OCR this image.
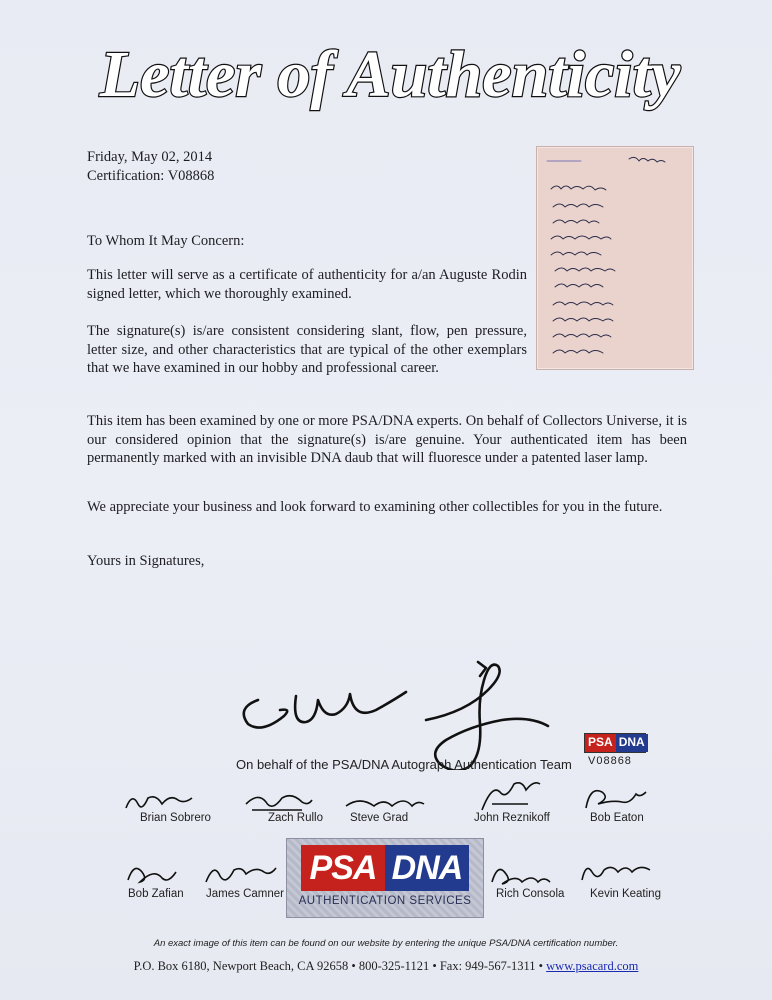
Letter of Authenticity
Friday, May 02, 2014
Certification: V08868
To Whom It May Concern:
This letter will serve as a certificate of authenticity for a/an Auguste Rodin signed letter, which we thoroughly examined.
The signature(s) is/are consistent considering slant, flow, pen pressure, letter size, and other characteristics that are typical of the other exemplars that we have examined in our hobby and professional career.
This item has been examined by one or more PSA/DNA experts. On behalf of Collectors Universe, it is our considered opinion that the signature(s) is/are genuine. Your authenticated item has been permanently marked with an invisible DNA daub that will fluoresce under a patented laser lamp.
We appreciate your business and look forward to examining other collectibles for you in the future.
Yours in Signatures,
On behalf of the PSA/DNA Autograph Authentication Team
PSA DNA
V08868
Brian Sobrero	Zach Rullo Steve Grad	John Reznikoff	Bob Eaton
Bob Zafian James Camner	Rich Consola Kevin Keating
PSA DNA
AUTHENTICATION SERVICES
An exact image of this item can be found on our website by entering the unique PSA/DNA certification number.
P.O. Box 6180, Newport Beach, CA 92658 • 800-325-1121 • Fax: 949-567-1311 • www.psacard.com
